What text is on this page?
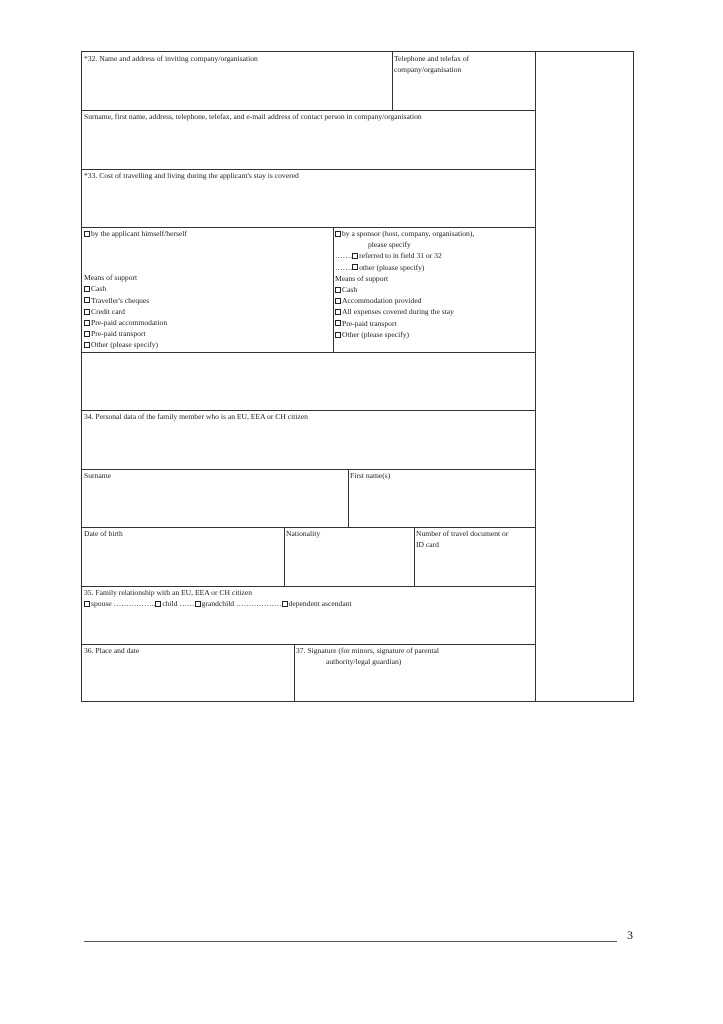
*32. Name and address of inviting company/organisation	Telephone and telefax of
company/organisation
Surname, first name, address, telephone, telefax, and e-mail address of contact person in company/organisation
*33. Cost of travelling and living during the applicant's stay is covered
by the applicant himself/herself
Means of support
Cash
Traveller's cheques
Credit card
Pre-paid accommodation
Pre-paid transport
Other (please specify)
by a sponsor (host, company, organisation),
please specify
……. referred to in field 31 or 32
……. other (please specify)
Means of support
Cash
Accommodation provided
All expenses covered during the stay
Pre-paid transport
Other (please specify)
34. Personal data of the family member who is an EU, EEA or CH citizen
Surname	First name(s)
Date of birth	Nationality	Number of travel document or
ID card
35. Family relationship with an EU, EEA or CH citizen
spouse …………….. child …… grandchild ……………… dependent ascendant
36. Place and date	37. Signature (for minors, signature of parental
authority/legal guardian)
3
